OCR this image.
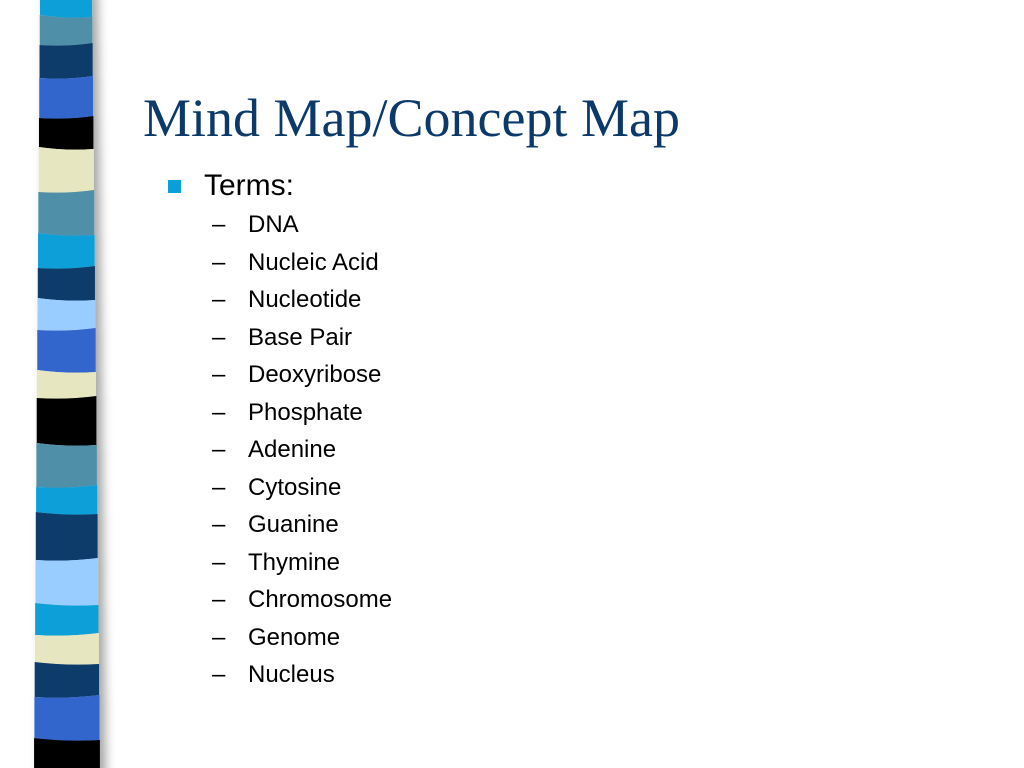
Mind Map/Concept Map
Terms:
– DNA
– Nucleic Acid
– Nucleotide
– Base Pair
– Deoxyribose
– Phosphate
– Adenine
– Cytosine
– Guanine
– Thymine
– Chromosome
– Genome
– Nucleus
